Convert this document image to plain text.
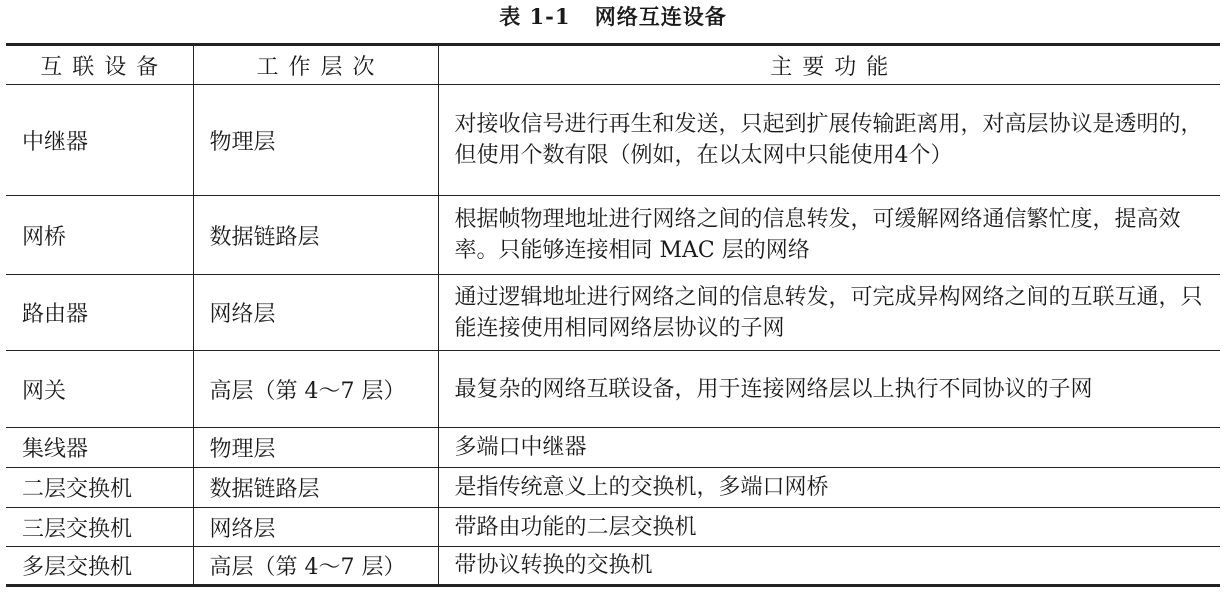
表 1-1 网络互连设备
互联设备	工作层次	主要功能
中继器	物理层	对接收信号进行再生和发送，只起到扩展传输距离用，对高层协议是透明的，但使用个数有限（例如，在以太网中只能使用4个）
网桥	数据链路层	根据帧物理地址进行网络之间的信息转发，可缓解网络通信繁忙度，提高效率。只能够连接相同 MAC 层的网络
路由器	网络层	通过逻辑地址进行网络之间的信息转发，可完成异构网络之间的互联互通，只能连接使用相同网络层协议的子网
网关	高层（第 4～7 层）	最复杂的网络互联设备，用于连接网络层以上执行不同协议的子网
集线器	物理层	多端口中继器
二层交换机	数据链路层	是指传统意义上的交换机，多端口网桥
三层交换机	网络层	带路由功能的二层交换机
多层交换机	高层（第 4～7 层）	带协议转换的交换机
